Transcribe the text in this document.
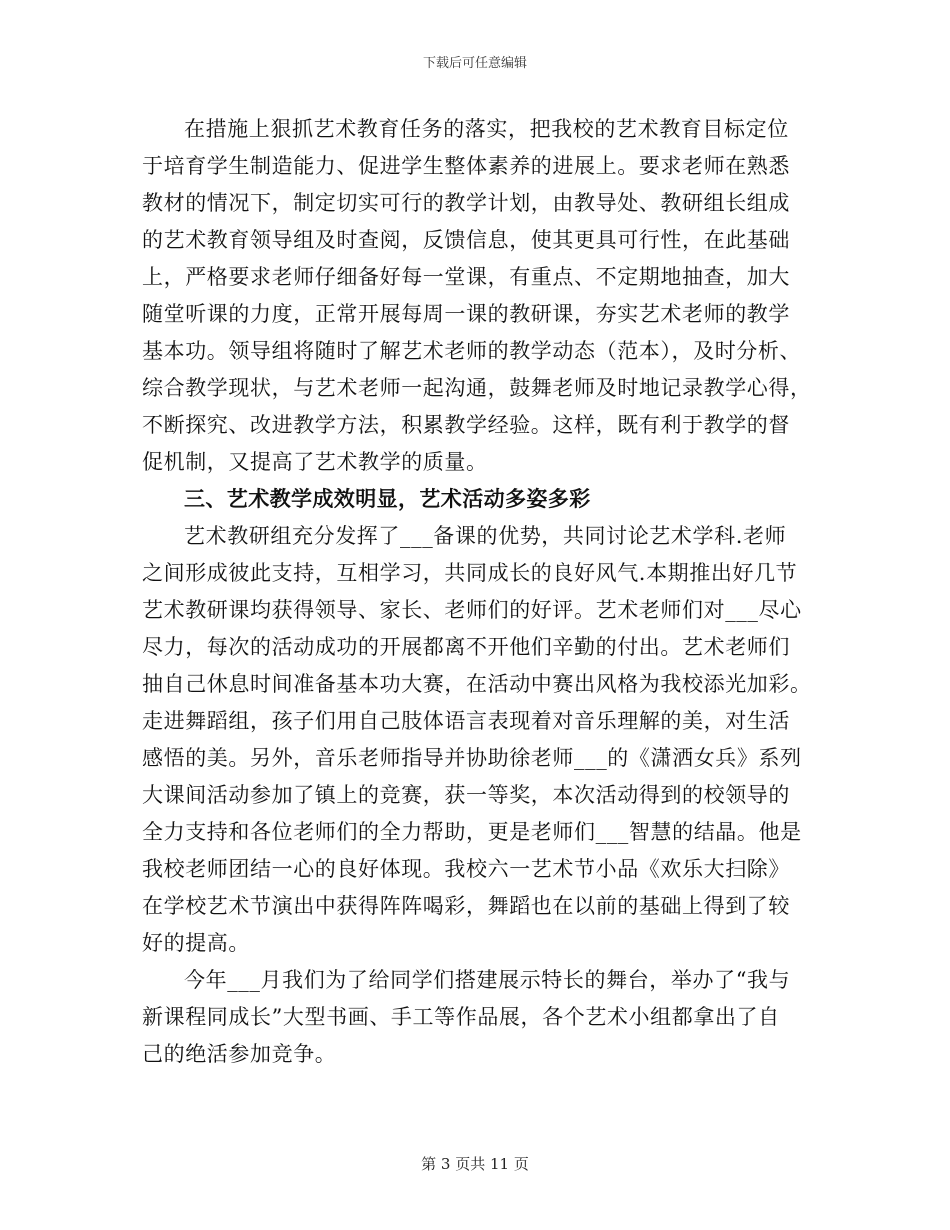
下载后可任意编辑
在措施上狠抓艺术教育任务的落实，把我校的艺术教育目标定位
于培育学生制造能力、促进学生整体素养的进展上。要求老师在熟悉
教材的情况下，制定切实可行的教学计划，由教导处、教研组长组成
的艺术教育领导组及时查阅，反馈信息，使其更具可行性，在此基础
上，严格要求老师仔细备好每一堂课，有重点、不定期地抽查，加大
随堂听课的力度，正常开展每周一课的教研课，夯实艺术老师的教学
基本功。领导组将随时了解艺术老师的教学动态（范本），及时分析、
综合教学现状，与艺术老师一起沟通，鼓舞老师及时地记录教学心得，
不断探究、改进教学方法，积累教学经验。这样，既有利于教学的督
促机制，又提高了艺术教学的质量。
三、艺术教学成效明显，艺术活动多姿多彩
艺术教研组充分发挥了___备课的优势，共同讨论艺术学科.老师
之间形成彼此支持，互相学习，共同成长的良好风气.本期推出好几节
艺术教研课均获得领导、家长、老师们的好评。艺术老师们对___尽心
尽力，每次的活动成功的开展都离不开他们辛勤的付出。艺术老师们
抽自己休息时间准备基本功大赛，在活动中赛出风格为我校添光加彩。
走进舞蹈组，孩子们用自己肢体语言表现着对音乐理解的美，对生活
感悟的美。另外，音乐老师指导并协助徐老师___的《潇洒女兵》系列
大课间活动参加了镇上的竞赛，获一等奖，本次活动得到的校领导的
全力支持和各位老师们的全力帮助，更是老师们___智慧的结晶。他是
我校老师团结一心的良好体现。我校六一艺术节小品《欢乐大扫除》
在学校艺术节演出中获得阵阵喝彩，舞蹈也在以前的基础上得到了较
好的提高。
今年___月我们为了给同学们搭建展示特长的舞台，举办了“我与
新课程同成长”大型书画、手工等作品展，各个艺术小组都拿出了自
己的绝活参加竞争。
第 3 页共 11 页
